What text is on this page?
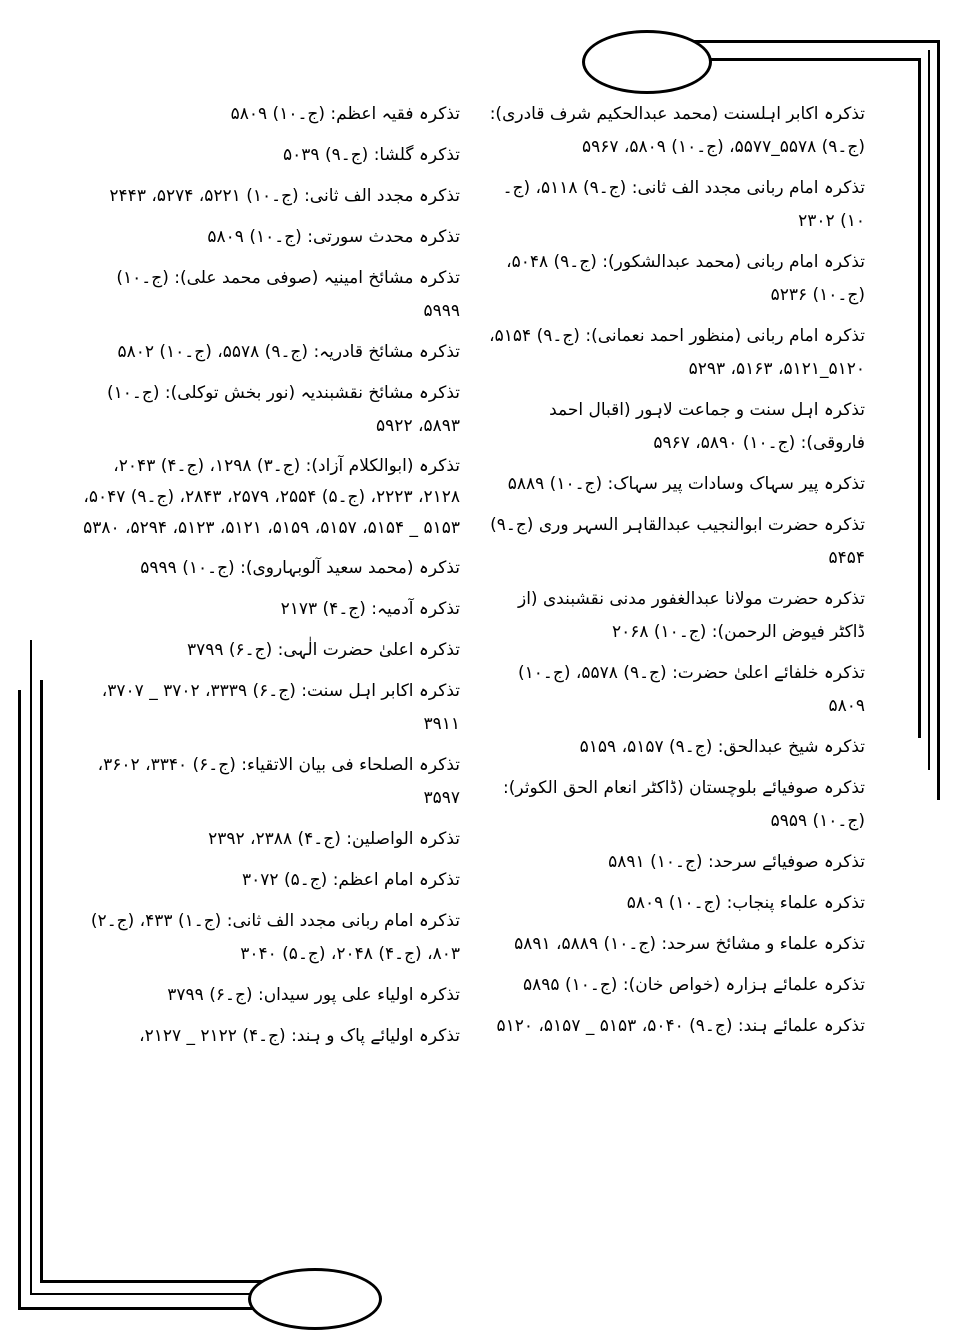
تذکرہ اکابر اہلسنت (محمد عبدالحکیم شرف قادری): (ج۔۹) ۵۵۷۸_۵۵۷۷، (ج۔۱۰) ۵۸۰۹، ۵۹۶۷

تذکرہ امام ربانی مجدد الف ثانی: (ج۔۹) ۵۱۱۸، (ج۔۱۰) ۲۳۰۲

تذکرہ امام ربانی (محمد عبدالشکور): (ج۔۹) ۵۰۴۸، (ج۔۱۰) ۵۲۳۶

تذکرہ امام ربانی (منظور احمد نعمانی): (ج۔۹) ۵۱۵۴، ۵۱۲۰_۵۱۲۱، ۵۱۶۳، ۵۲۹۳

تذکرہ اہل سنت و جماعت لاہور (اقبال احمد فاروقی): (ج۔۱۰) ۵۸۹۰، ۵۹۶۷

تذکرہ پیر سہاک وسادات پیر سہاک: (ج۔۱۰) ۵۸۸۹

تذکرہ حضرت ابوالنجیب عبدالقاہر السہر وری (ج۔۹) ۵۴۵۴

تذکرہ حضرت مولانا عبدالغفور مدنی نقشبندی (از ڈاکٹر فیوض الرحمن): (ج۔۱۰) ۲۰۶۸

تذکرہ خلفائے اعلیٰ حضرت: (ج۔۹) ۵۵۷۸، (ج۔۱۰) ۵۸۰۹

تذکرہ شیخ عبدالحق: (ج۔۹) ۵۱۵۷، ۵۱۵۹

تذکرہ صوفیائے بلوچستان (ڈاکٹر انعام الحق الکوثر): (ج۔۱۰) ۵۹۵۹

تذکرہ صوفیائے سرحد: (ج۔۱۰) ۵۸۹۱

تذکرہ علماء پنجاب: (ج۔۱۰) ۵۸۰۹

تذکرہ علماء و مشائخ سرحد: (ج۔۱۰) ۵۸۸۹، ۵۸۹۱

تذکرہ علمائے ہزارہ (خواص خان): (ج۔۱۰) ۵۸۹۵

تذکرہ علمائے ہند: (ج۔۹) ۵۰۴۰، ۵۱۵۳ _ ۵۱۵۷، ۵۱۲۰

تذکرہ فقیہ اعظم: (ج۔۱۰) ۵۸۰۹

تذکرہ گلشا: (ج۔۹) ۵۰۳۹

تذکرہ مجدد الف ثانی: (ج۔۱۰) ۵۲۲۱، ۵۲۷۴، ۲۴۴۳

تذکرہ محدث سورتی: (ج۔۱۰) ۵۸۰۹

تذکرہ مشائخ امینیہ (صوفی محمد علی): (ج۔۱۰) ۵۹۹۹

تذکرہ مشائخ قادریہ: (ج۔۹) ۵۵۷۸، (ج۔۱۰) ۵۸۰۲

تذکرہ مشائخ نقشبندیہ (نور بخش توکلی): (ج۔۱۰) ۵۸۹۳، ۵۹۲۲

تذکرہ (ابوالکلام آزاد): (ج۔۳) ۱۲۹۸، (ج۔۴) ۲۰۴۳، ۲۱۲۸، ۲۲۲۳، (ج۔۵) ۲۵۵۴، ۲۵۷۹، ۲۸۴۳، (ج۔۹) ۵۰۴۷، ۵۱۵۳ _ ۵۱۵۴، ۵۱۵۷، ۵۱۵۹، ۵۱۲۱، ۵۱۲۳، ۵۲۹۴، ۵۳۸۰

تذکرہ (محمد سعید آلوبہاروی): (ج۔۱۰) ۵۹۹۹

تذکرہ آدمیہ: (ج۔۴) ۲۱۷۳

تذکرہ اعلیٰ حضرت الٰہی: (ج۔۶) ۳۷۹۹

تذکرہ اکابر اہل سنت: (ج۔۶) ۳۳۳۹، ۳۷۰۲ _ ۳۷۰۷، ۳۹۱۱

تذکرہ الصلحاء فی بیان الاتقیاء: (ج۔۶) ۳۳۴۰، ۳۶۰۲، ۳۵۹۷

تذکرہ الواصلین: (ج۔۴) ۲۳۸۸، ۲۳۹۲

تذکرہ امام اعظم: (ج۔۵) ۳۰۷۲

تذکرہ امام ربانی مجدد الف ثانی: (ج۔۱) ۴۳۳، (ج۔۲) ۸۰۳، (ج۔۴) ۲۰۴۸، (ج۔۵) ۳۰۴۰

تذکرہ اولیاء علی پور سیداں: (ج۔۶) ۳۷۹۹

تذکرہ اولیائے پاک و ہند: (ج۔۴) ۲۱۲۲ _ ۲۱۲۷،
